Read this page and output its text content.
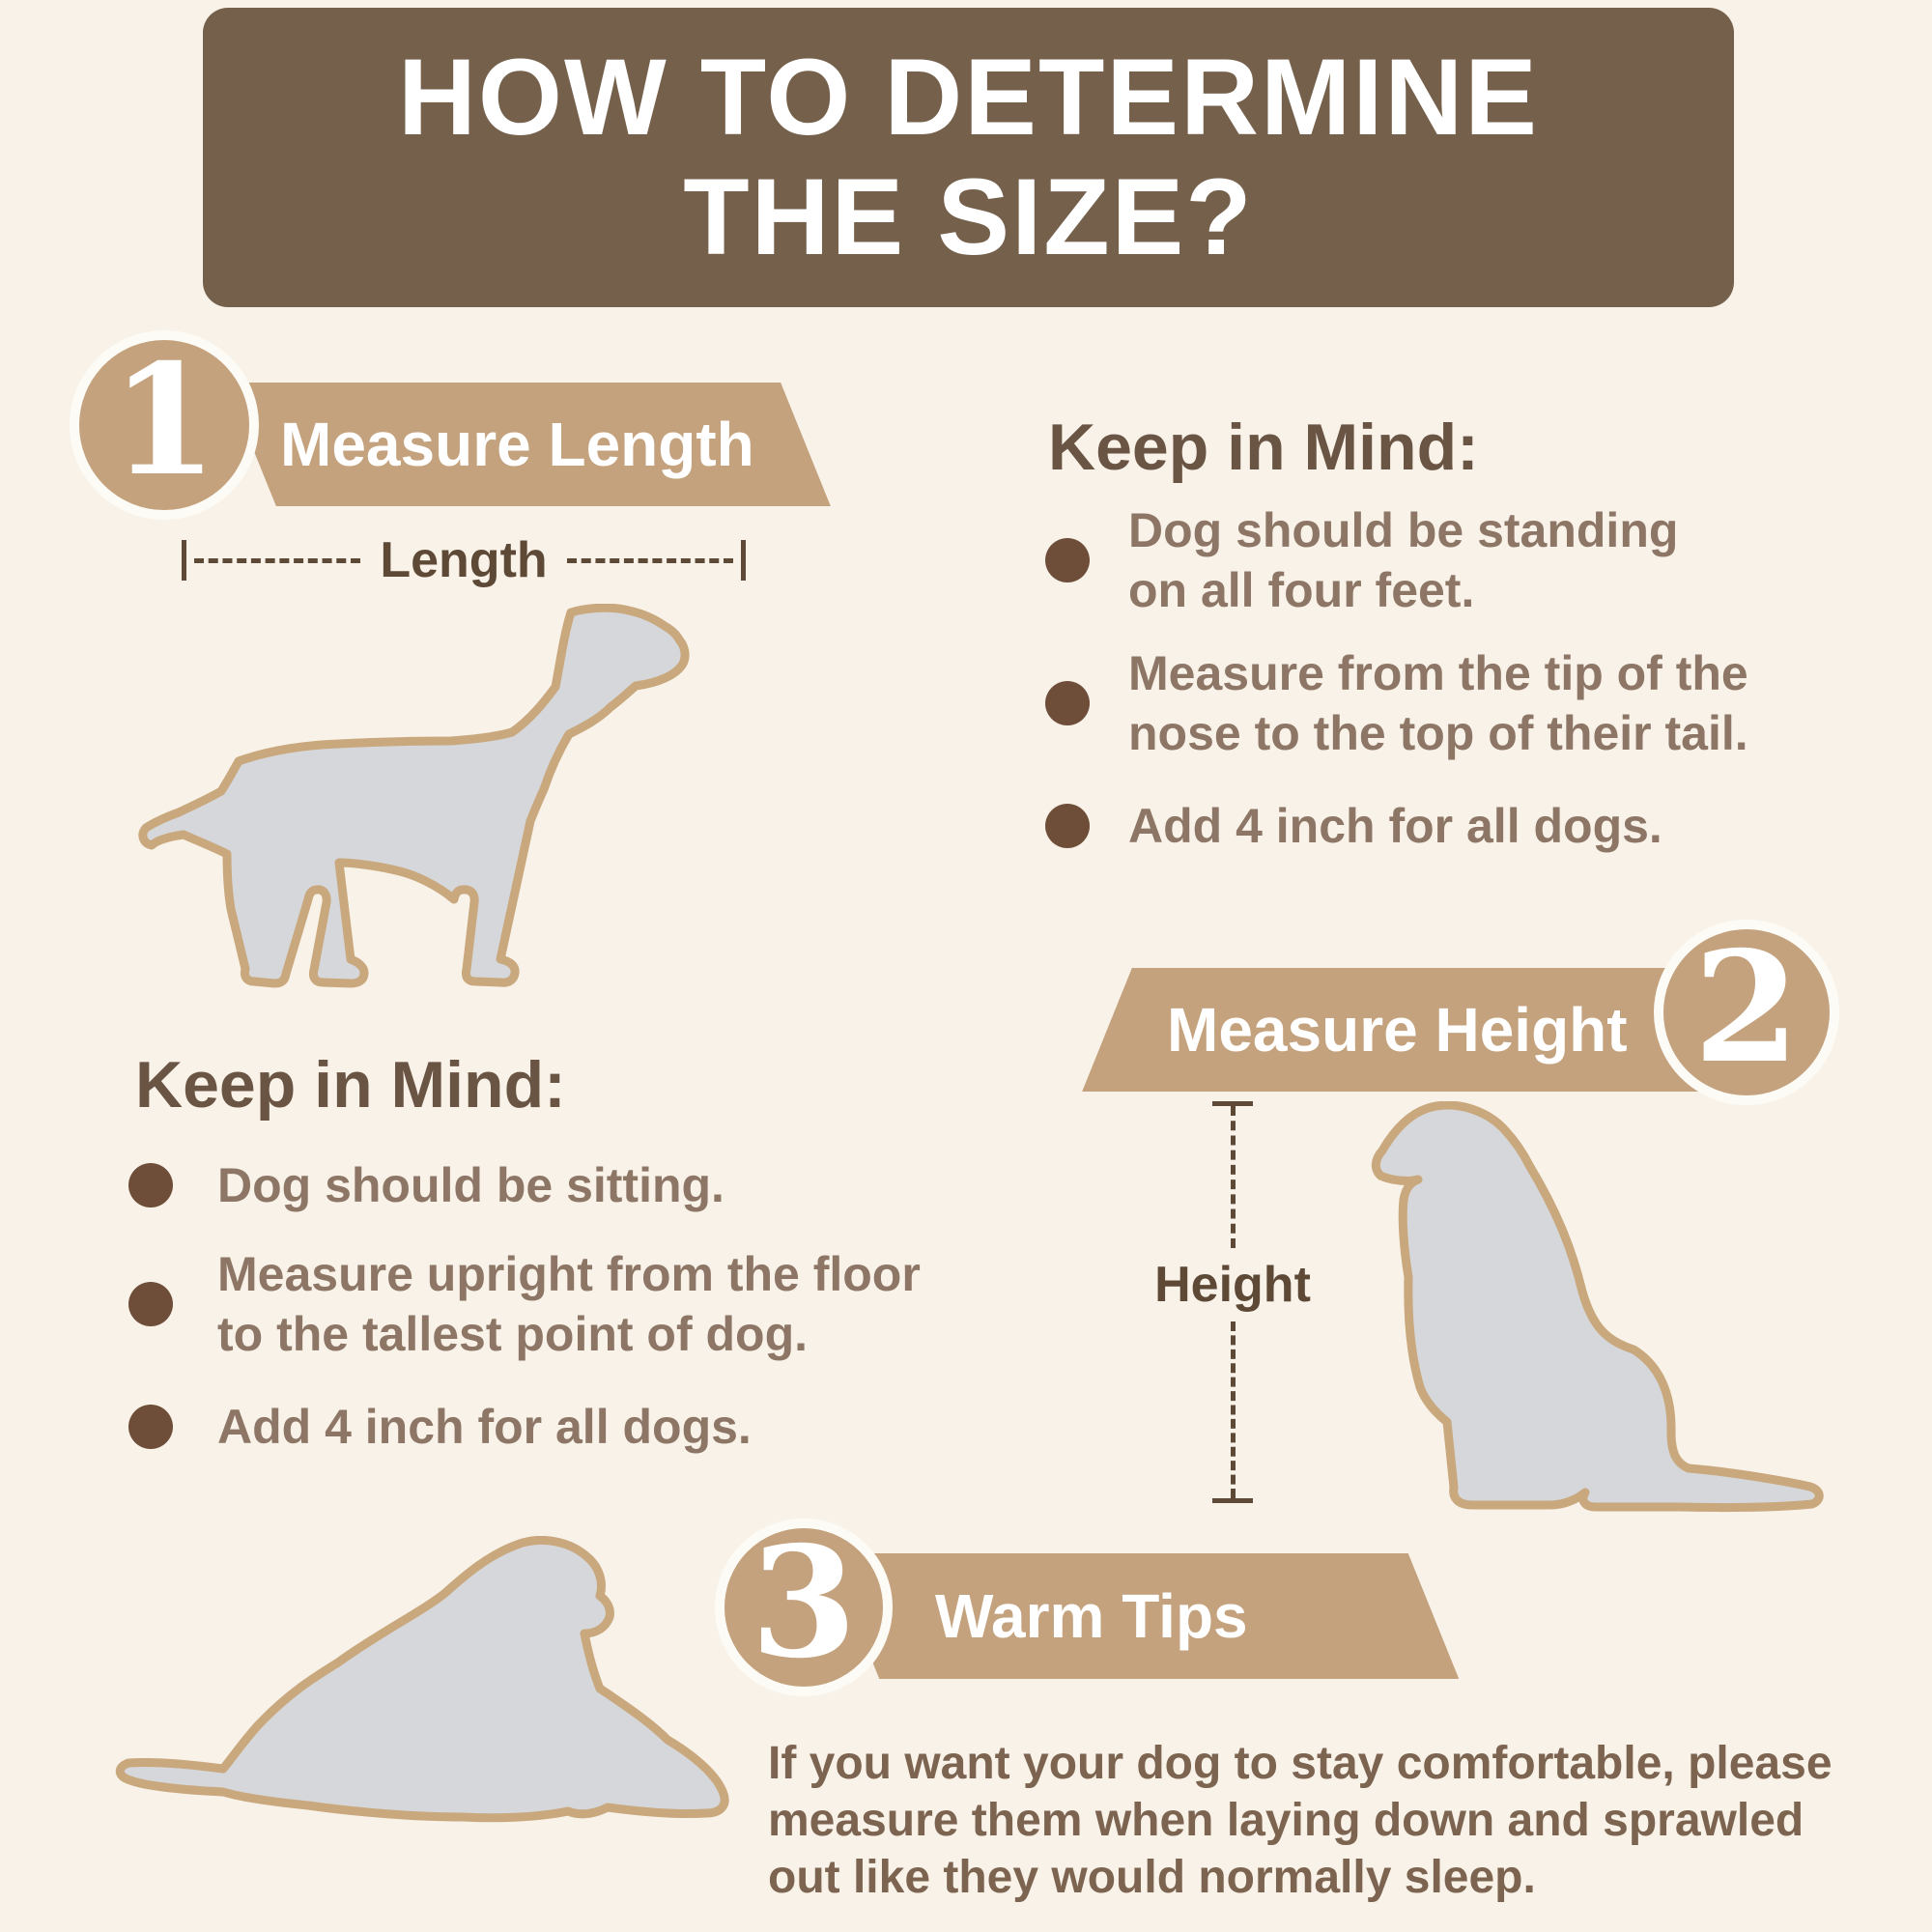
HOW TO DETERMINE
THE SIZE?
1 Measure Length
Length
Keep in Mind:
Dog should be standing
on all four feet.
Measure from the tip of the
nose to the top of their tail.
Add 4 inch for all dogs.
Measure Height 2
Height
Keep in Mind:
Dog should be sitting.
Measure upright from the floor
to the tallest point of dog.
Add 4 inch for all dogs.
3 Warm Tips
If you want your dog to stay comfortable, please
measure them when laying down and sprawled
out like they would normally sleep.
